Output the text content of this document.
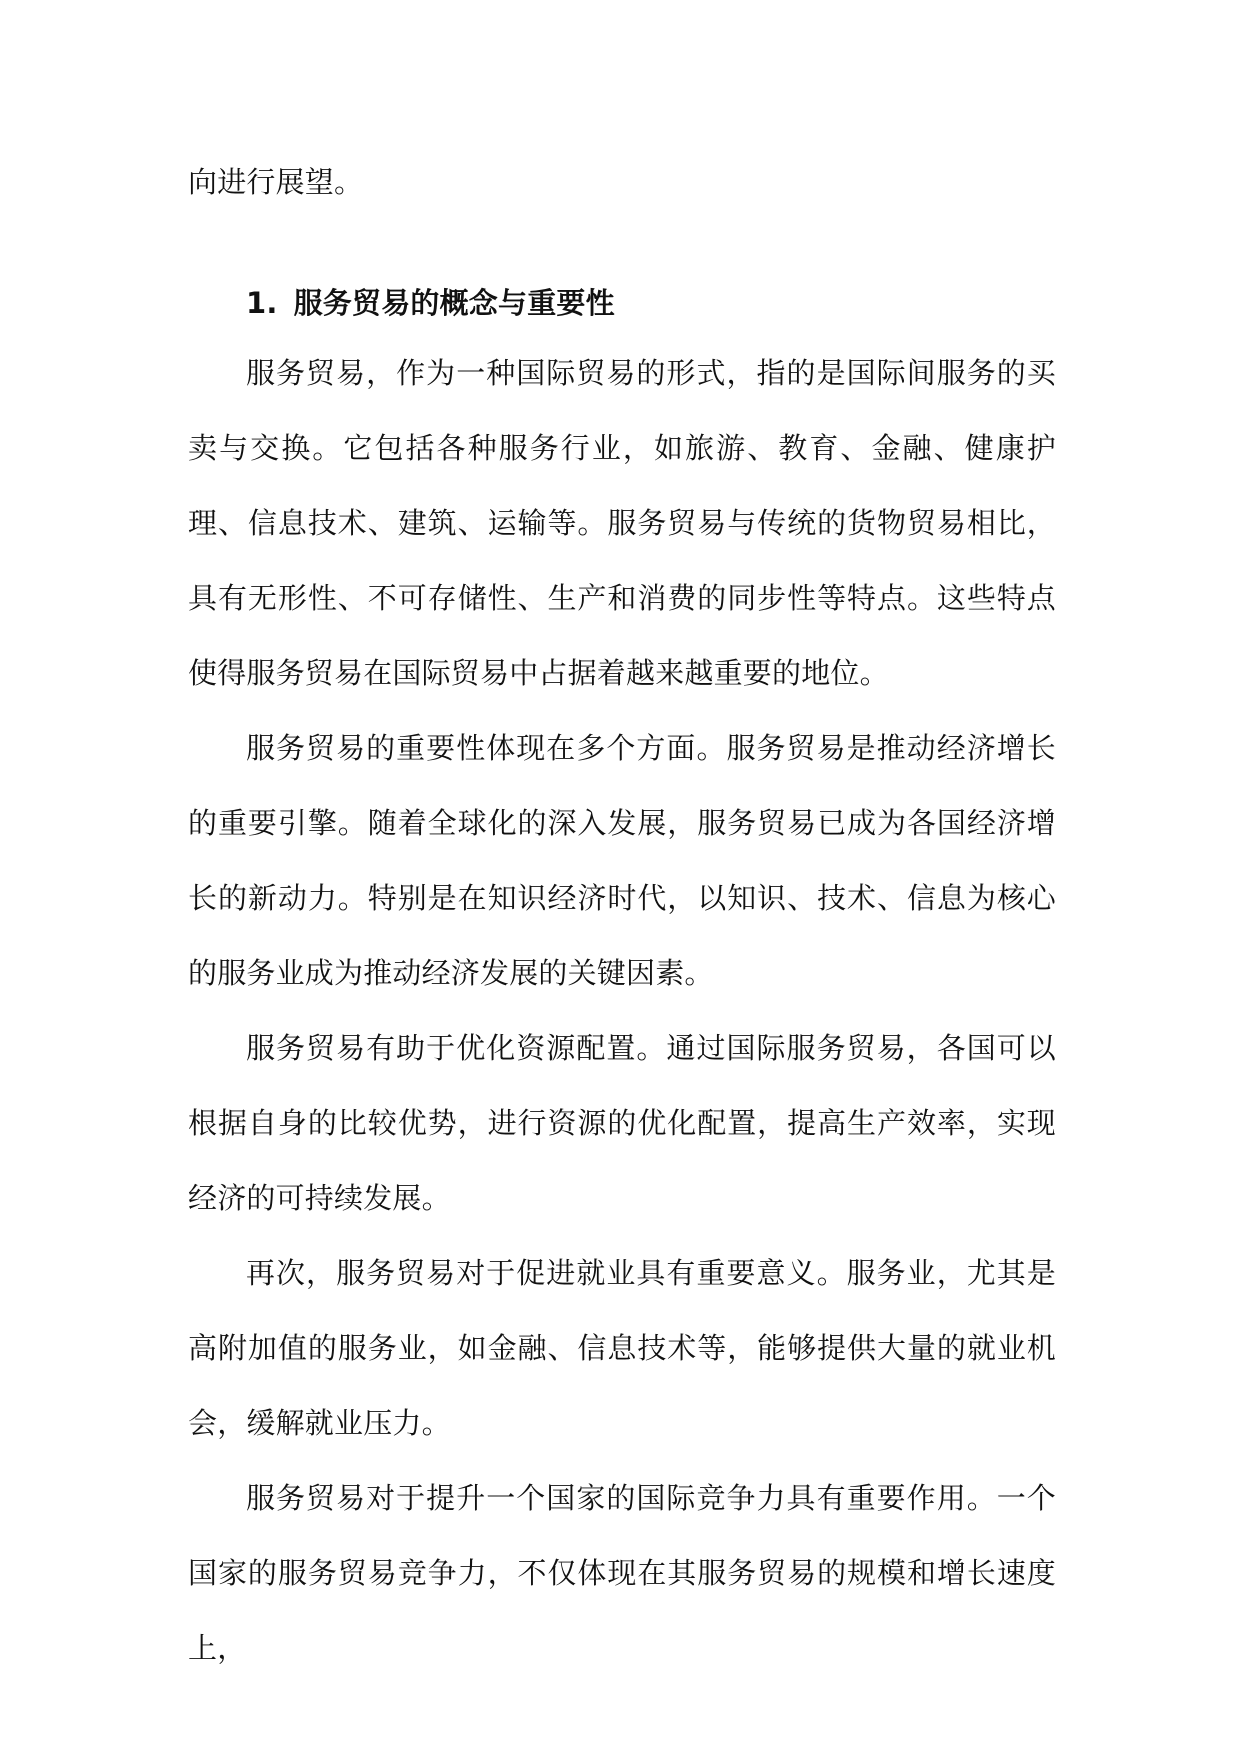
向进行展望。

1. 服务贸易的概念与重要性

服务贸易，作为一种国际贸易的形式，指的是国际间服务的买卖与交换。它包括各种服务行业，如旅游、教育、金融、健康护理、信息技术、建筑、运输等。服务贸易与传统的货物贸易相比，具有无形性、不可存储性、生产和消费的同步性等特点。这些特点使得服务贸易在国际贸易中占据着越来越重要的地位。

服务贸易的重要性体现在多个方面。服务贸易是推动经济增长的重要引擎。随着全球化的深入发展，服务贸易已成为各国经济增长的新动力。特别是在知识经济时代，以知识、技术、信息为核心的服务业成为推动经济发展的关键因素。

服务贸易有助于优化资源配置。通过国际服务贸易，各国可以根据自身的比较优势，进行资源的优化配置，提高生产效率，实现经济的可持续发展。

再次，服务贸易对于促进就业具有重要意义。服务业，尤其是高附加值的服务业，如金融、信息技术等，能够提供大量的就业机会，缓解就业压力。

服务贸易对于提升一个国家的国际竞争力具有重要作用。一个国家的服务贸易竞争力，不仅体现在其服务贸易的规模和增长速度上，
